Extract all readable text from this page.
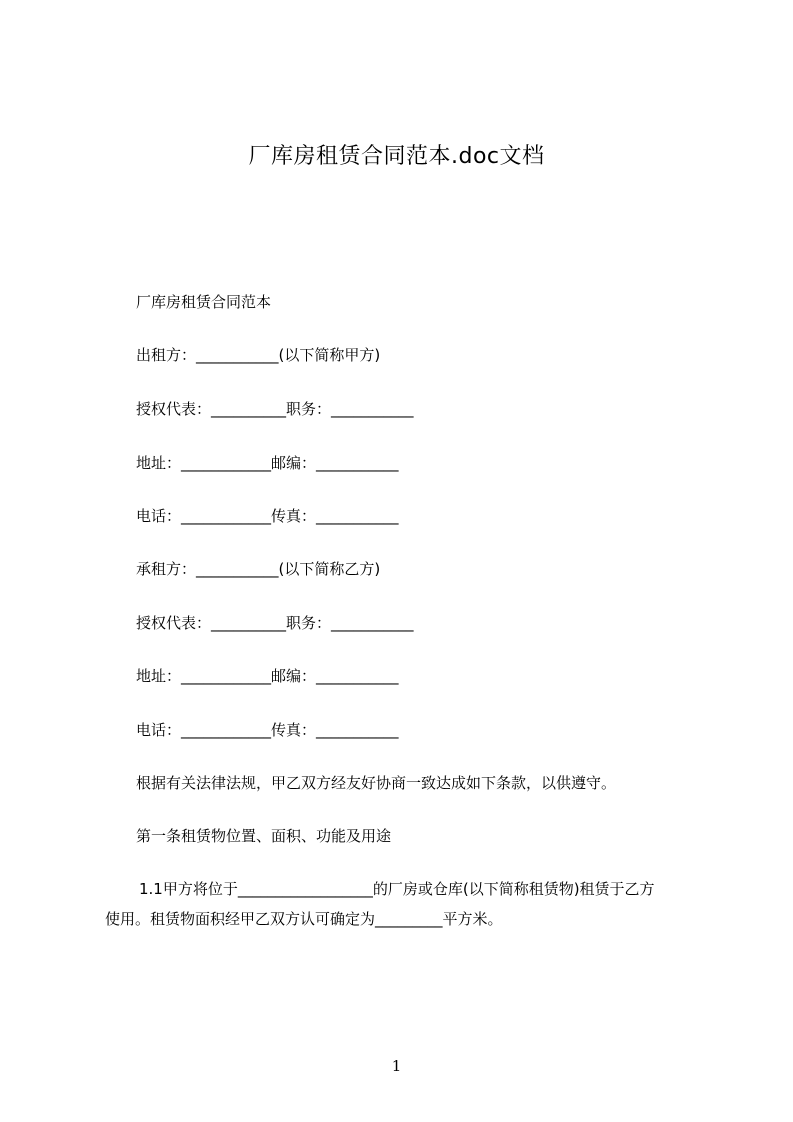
厂库房租赁合同范本.doc文档
厂库房租赁合同范本
出租方：___________(以下简称甲方)
授权代表：__________职务：___________
地址：____________邮编：___________
电话：____________传真：___________
承租方：___________(以下简称乙方)
授权代表：__________职务：___________
地址：____________邮编：___________
电话：____________传真：___________
根据有关法律法规，甲乙双方经友好协商一致达成如下条款，以供遵守。
第一条租赁物位置、面积、功能及用途
1.1甲方将位于__________________的厂房或仓库(以下简称租赁物)租赁于乙方
使用。租赁物面积经甲乙双方认可确定为_________平方米。
1
